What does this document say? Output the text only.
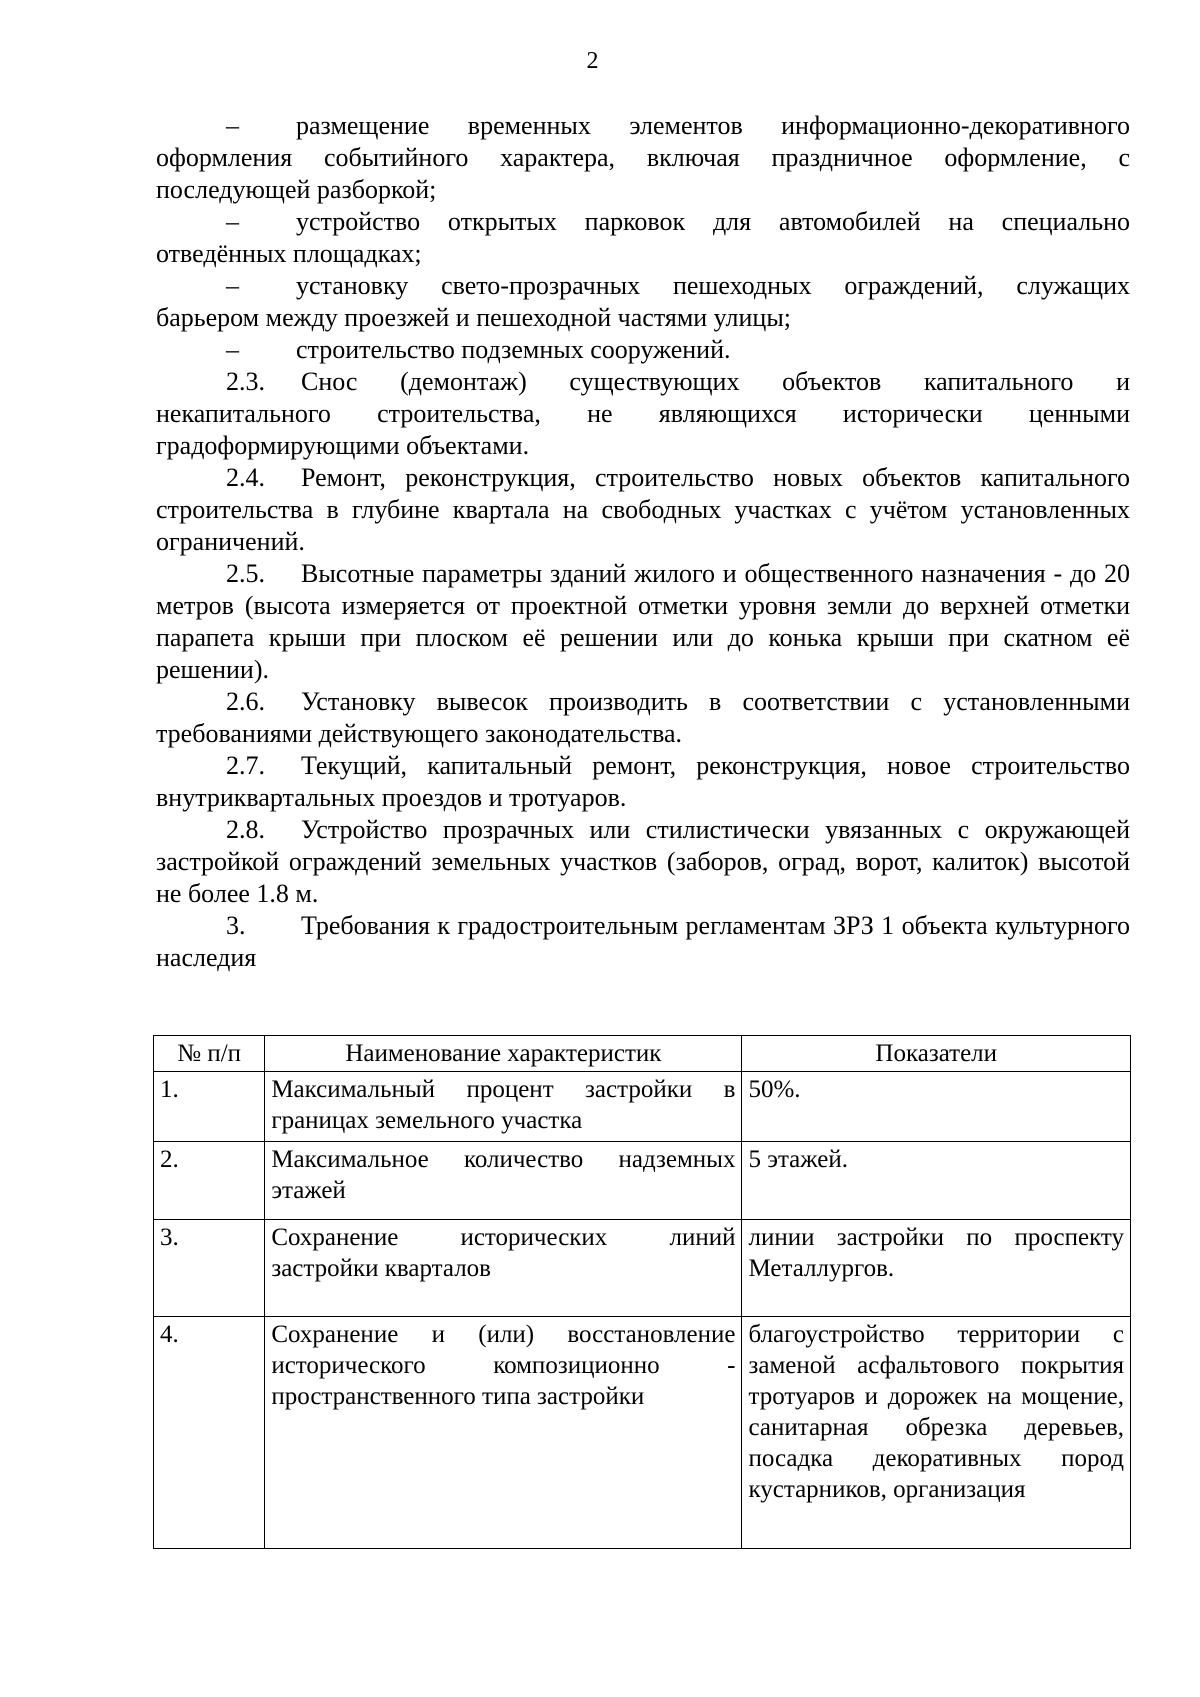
2

– размещение временных элементов информационно-декоративного оформления событийного характера, включая праздничное оформление, с последующей разборкой;

– устройство открытых парковок для автомобилей на специально отведённых площадках;

– установку свето-прозрачных пешеходных ограждений, служащих барьером между проезжей и пешеходной частями улицы;

– строительство подземных сооружений.

2.3. Снос (демонтаж) существующих объектов капитального и некапитального строительства, не являющихся исторически ценными градоформирующими объектами.

2.4. Ремонт, реконструкция, строительство новых объектов капитального строительства в глубине квартала на свободных участках с учётом установленных ограничений.

2.5. Высотные параметры зданий жилого и общественного назначения - до 20 метров (высота измеряется от проектной отметки уровня земли до верхней отметки парапета крыши при плоском её решении или до конька крыши при скатном её решении).

2.6. Установку вывесок производить в соответствии с установленными требованиями действующего законодательства.

2.7. Текущий, капитальный ремонт, реконструкция, новое строительство внутриквартальных проездов и тротуаров.

2.8. Устройство прозрачных или стилистически увязанных с окружающей застройкой ограждений земельных участков (заборов, оград, ворот, калиток) высотой не более 1.8 м.

3. Требования к градостроительным регламентам ЗРЗ 1 объекта культурного наследия

№ п/п	Наименование характеристик	Показатели
1.	Максимальный процент застройки в границах земельного участка	50%.
2.	Максимальное количество надземных этажей	5 этажей.
3.	Сохранение исторических линий застройки кварталов	линии застройки по проспекту Металлургов.
4.	Сохранение и (или) восстановление исторического композиционно - пространственного типа застройки	благоустройство территории с заменой асфальтового покрытия тротуаров и дорожек на мощение, санитарная обрезка деревьев, посадка декоративных пород кустарников, организация
